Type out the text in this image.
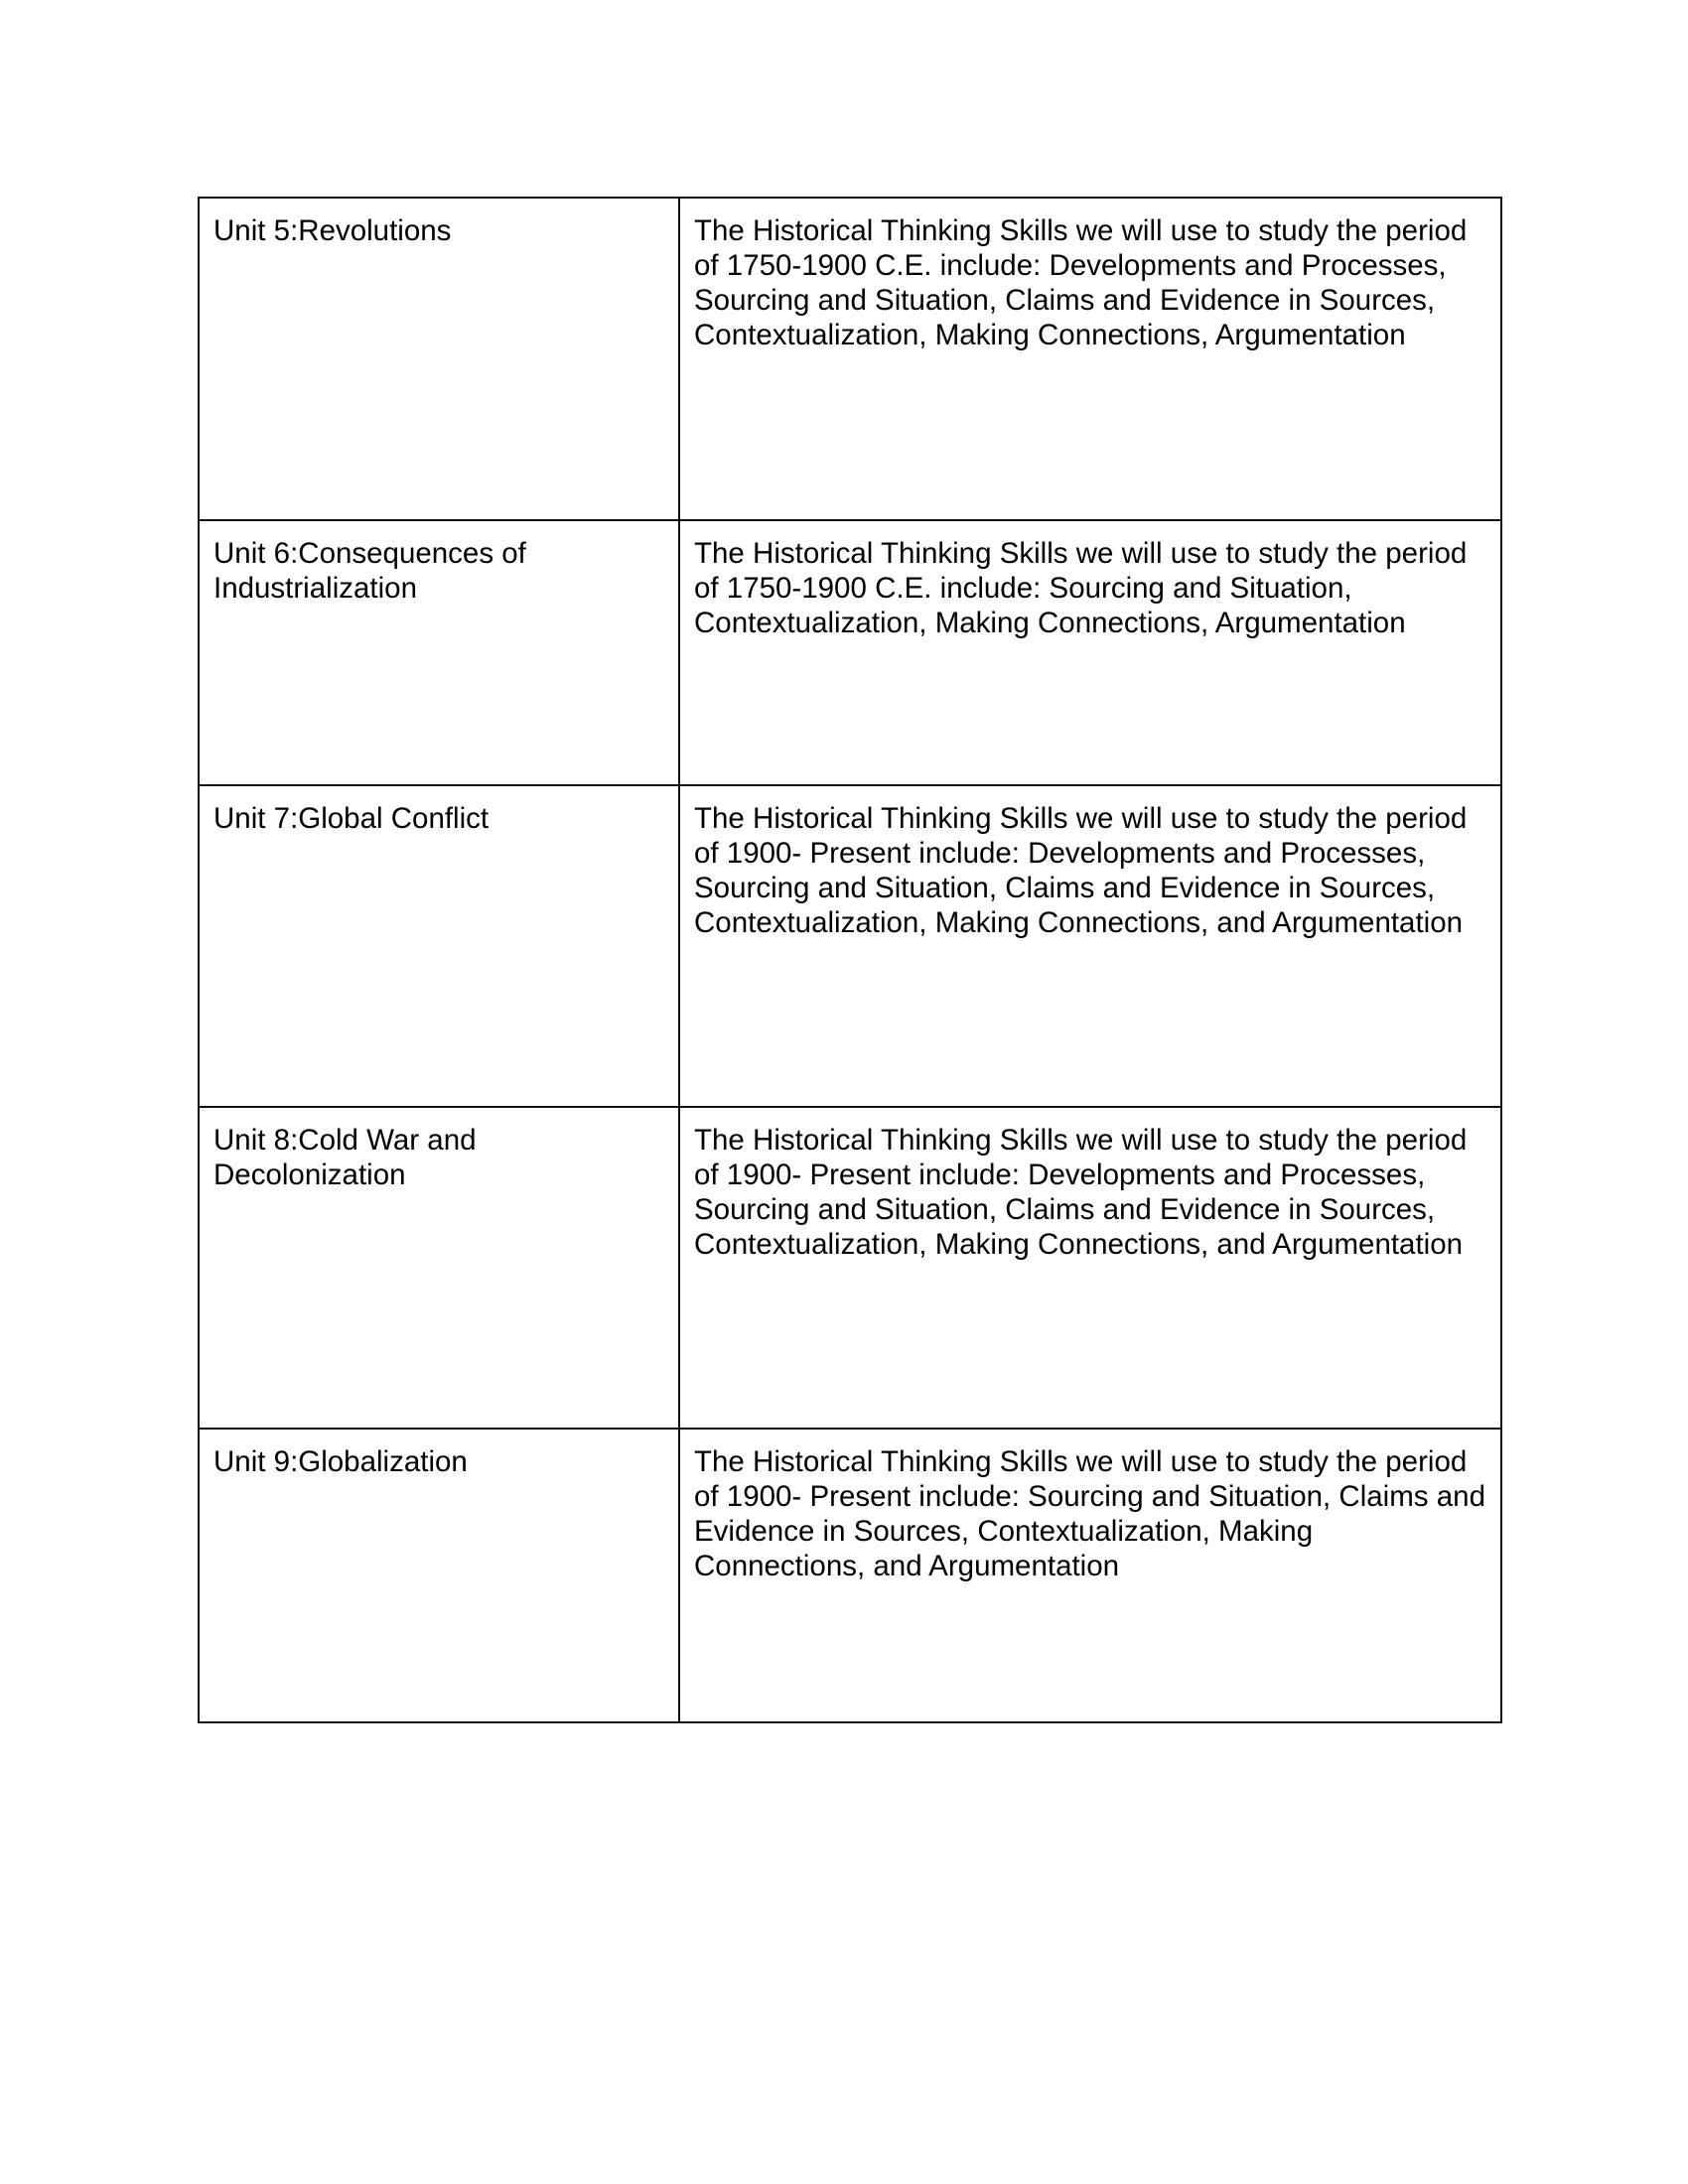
Unit 5:Revolutions	The Historical Thinking Skills we will use to study the period of 1750-1900 C.E. include: Developments and Processes, Sourcing and Situation, Claims and Evidence in Sources, Contextualization, Making Connections, Argumentation
Unit 6:Consequences of Industrialization	The Historical Thinking Skills we will use to study the period of 1750-1900 C.E. include: Sourcing and Situation, Contextualization, Making Connections, Argumentation
Unit 7:Global Conflict	The Historical Thinking Skills we will use to study the period of 1900- Present include: Developments and Processes, Sourcing and Situation, Claims and Evidence in Sources, Contextualization, Making Connections, and Argumentation
Unit 8:Cold War and Decolonization	The Historical Thinking Skills we will use to study the period of 1900- Present include: Developments and Processes, Sourcing and Situation, Claims and Evidence in Sources, Contextualization, Making Connections, and Argumentation
Unit 9:Globalization	The Historical Thinking Skills we will use to study the period of 1900- Present include: Sourcing and Situation, Claims and Evidence in Sources, Contextualization, Making Connections, and Argumentation
